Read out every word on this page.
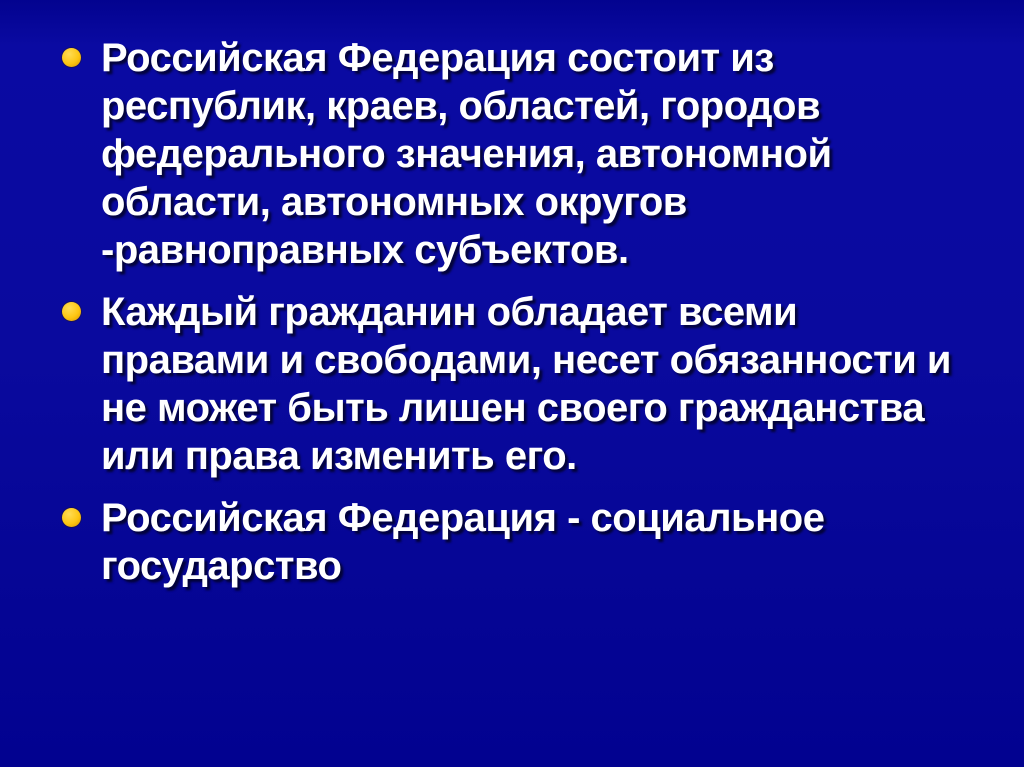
Российская Федерация состоит из республик, краев, областей, городов федерального значения, автономной области, автономных округов -равноправных субъектов.
Каждый гражданин обладает всеми правами и свободами, несет обязанности и не может быть лишен своего гражданства или права изменить его.
Российская Федерация - социальное государство
